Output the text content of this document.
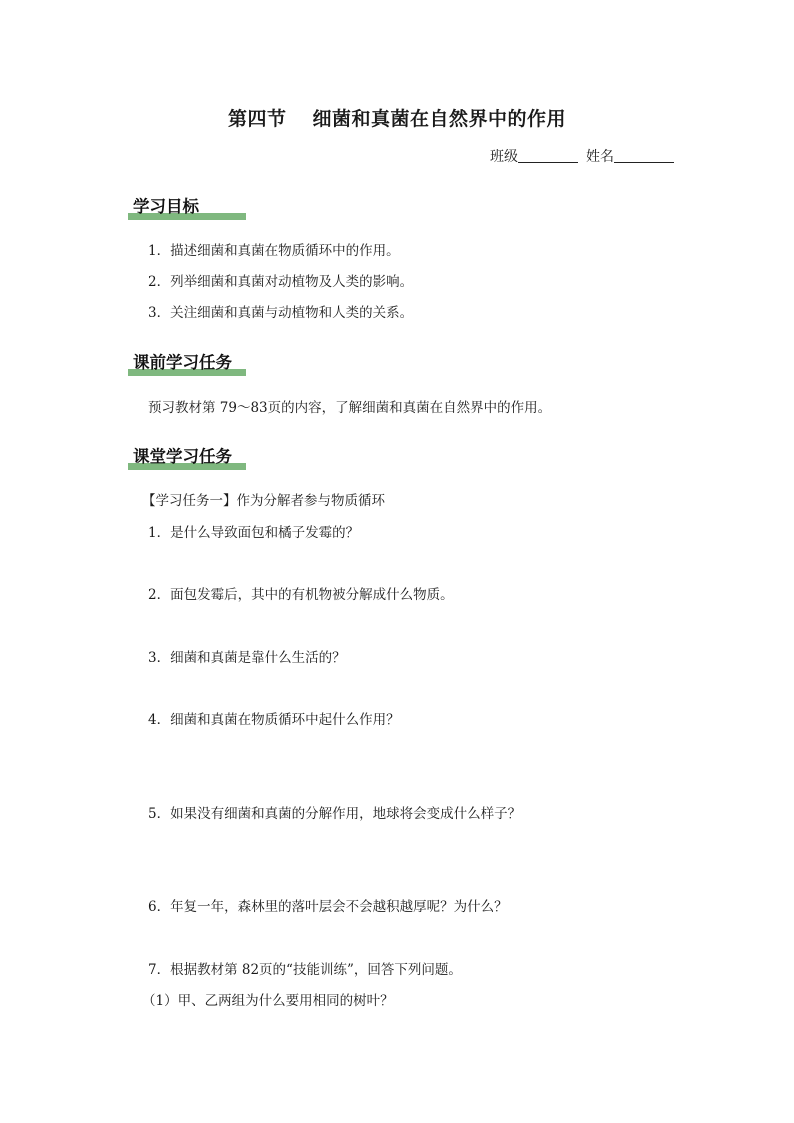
第四节 细菌和真菌在自然界中的作用
班级	姓名
学习目标
1．描述细菌和真菌在物质循环中的作用。
2．列举细菌和真菌对动植物及人类的影响。
3．关注细菌和真菌与动植物和人类的关系。
课前学习任务
预习教材第 79～83页的内容，了解细菌和真菌在自然界中的作用。
课堂学习任务
【学习任务一】作为分解者参与物质循环
1．是什么导致面包和橘子发霉的？
2．面包发霉后，其中的有机物被分解成什么物质。
3．细菌和真菌是靠什么生活的？
4．细菌和真菌在物质循环中起什么作用？
5．如果没有细菌和真菌的分解作用，地球将会变成什么样子？
6．年复一年，森林里的落叶层会不会越积越厚呢？为什么？
7．根据教材第 82页的“技能训练”，回答下列问题。
（1）甲、乙两组为什么要用相同的树叶？
